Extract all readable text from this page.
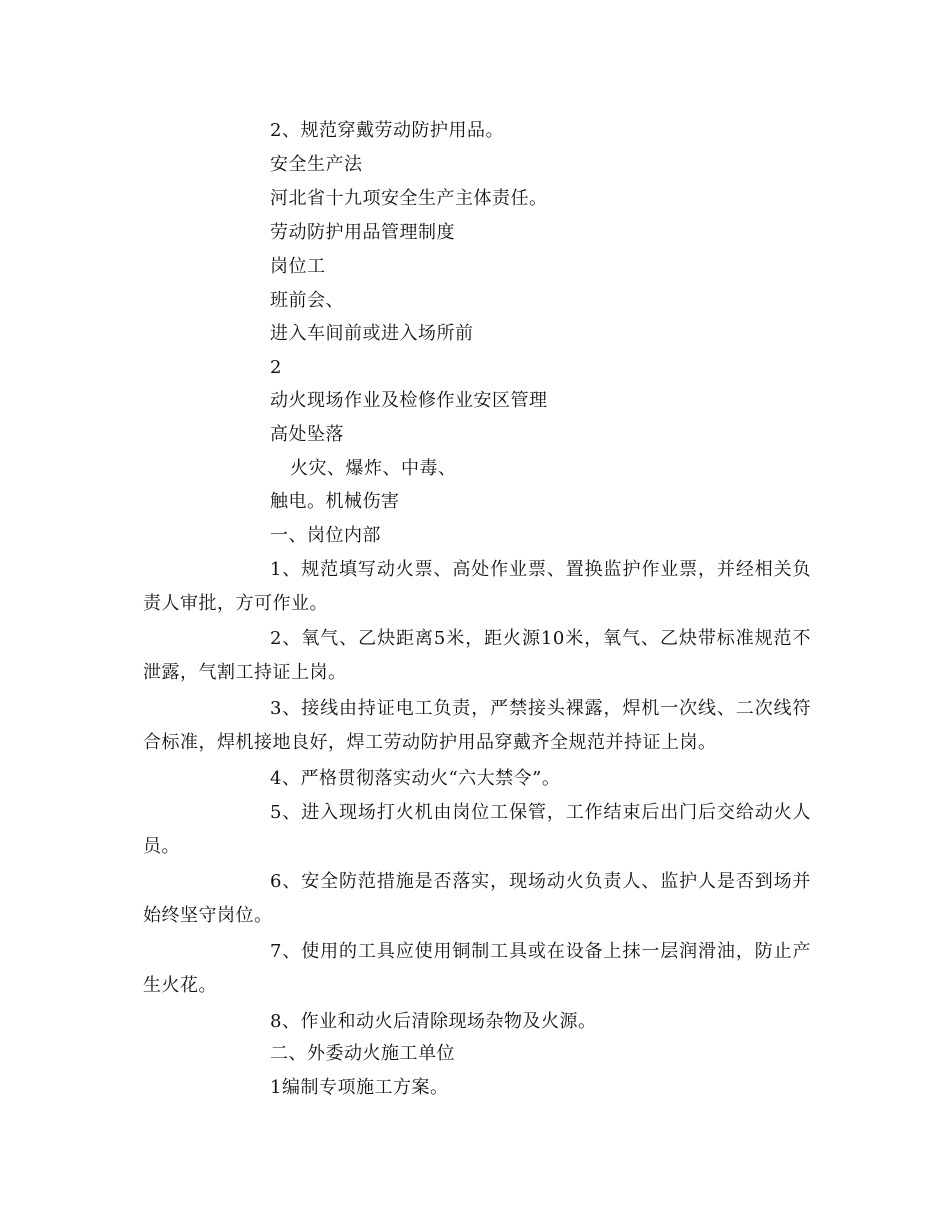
2、规范穿戴劳动防护用品。
安全生产法
河北省十九项安全生产主体责任。
劳动防护用品管理制度
岗位工
班前会、
进入车间前或进入场所前
2
动火现场作业及检修作业安区管理
高处坠落
火灾、爆炸、中毒、
触电。机械伤害
一、岗位内部

1、规范填写动火票、高处作业票、置换监护作业票，并经相关负责人审批，方可作业。

2、氧气、乙炔距离5米，距火源10米，氧气、乙炔带标准规范不泄露，气割工持证上岗。

3、接线由持证电工负责，严禁接头裸露，焊机一次线、二次线符合标准，焊机接地良好，焊工劳动防护用品穿戴齐全规范并持证上岗。

4、严格贯彻落实动火“六大禁令”。

5、进入现场打火机由岗位工保管，工作结束后出门后交给动火人员。

6、安全防范措施是否落实，现场动火负责人、监护人是否到场并始终坚守岗位。

7、使用的工具应使用铜制工具或在设备上抹一层润滑油，防止产生火花。

8、作业和动火后清除现场杂物及火源。

二、外委动火施工单位
1编制专项施工方案。
